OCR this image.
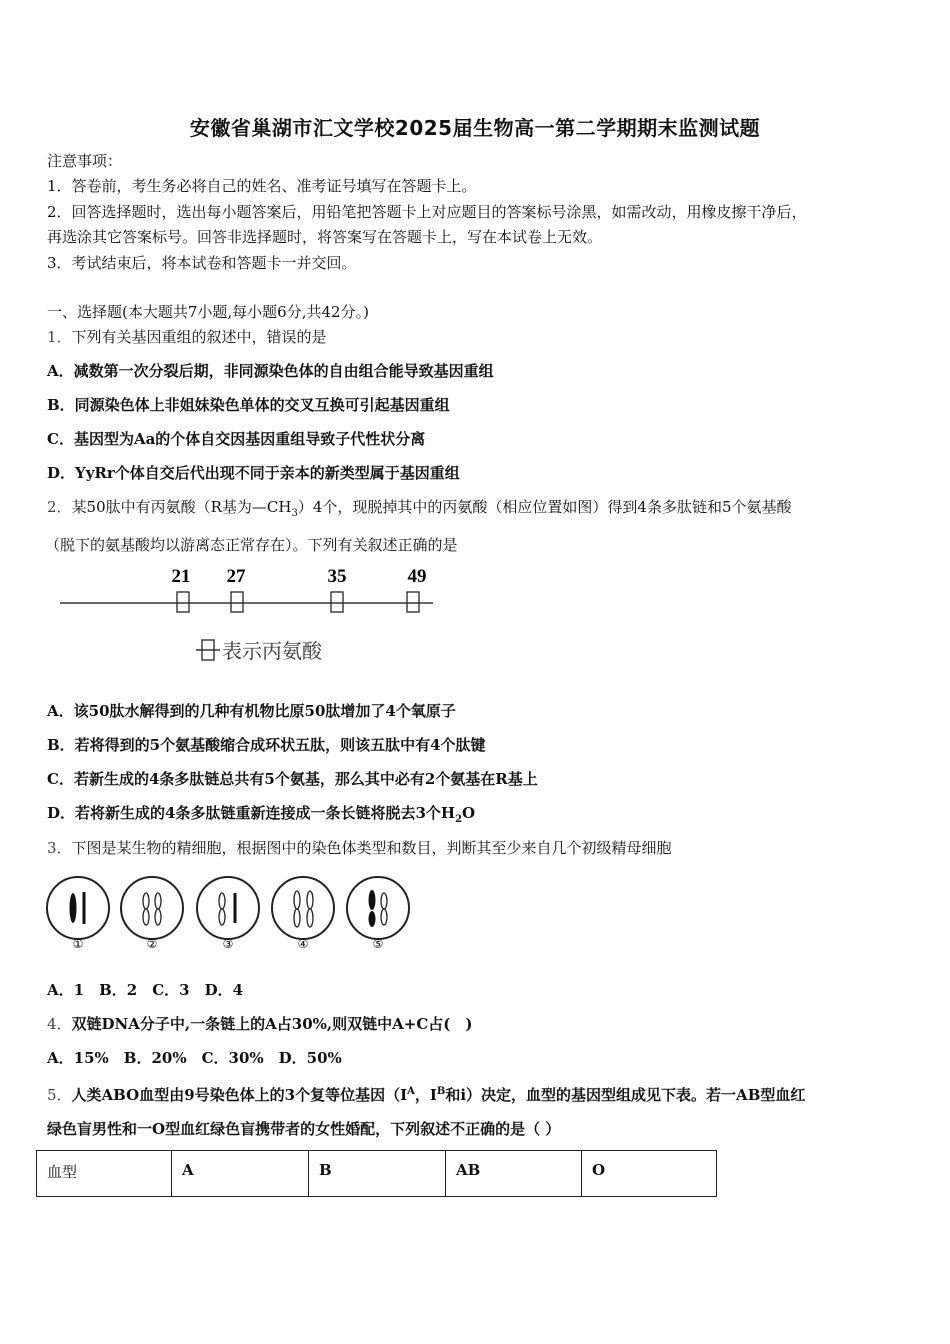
安徽省巢湖市汇文学校2025届生物高一第二学期期末监测试题
注意事项：
1．答卷前，考生务必将自己的姓名、准考证号填写在答题卡上。
2．回答选择题时，选出每小题答案后，用铅笔把答题卡上对应题目的答案标号涂黑，如需改动，用橡皮擦干净后，
再选涂其它答案标号。回答非选择题时，将答案写在答题卡上，写在本试卷上无效。
3．考试结束后，将本试卷和答题卡一并交回。
一、选择题(本大题共7小题,每小题6分,共42分。)
1．下列有关基因重组的叙述中，错误的是
A．减数第一次分裂后期，非同源染色体的自由组合能导致基因重组
B．同源染色体上非姐妹染色单体的交叉互换可引起基因重组
C．基因型为Aa的个体自交因基因重组导致子代性状分离
D．YyRr个体自交后代出现不同于亲本的新类型属于基因重组
2．某50肽中有丙氨酸（R基为$—CH_3)4$个，现脱掉其中的丙氨酸（相应位置如图）得到4条多肽链和5个氨基酸
（脱下的氨基酸均以游离态正常存在）。下列有关叙述正确的是
21 27	35	49
表示丙氨酸
A．该50肽水解得到的几种有机物比原50肽增加了4个氧原子
B．若将得到的5个氨基酸缩合成环状五肽，则该五肽中有4个肽键
C．若新生成的4条多肽链总共有5个氨基，那么其中必有2个氨基在R基上
D．若将新生成的4条多肽链重新连接成一条长链将脱去3个$H_2O$
3．下图是某生物的精细胞，根据图中的染色体类型和数目，判断其至少来自几个初级精母细胞
①	②	③	④	⑤
A．1　B．2　C．3　D．4
4．双链DNA分子中,一条链上的A占30%,则双链中A+C占(　)
A．15%　B．20%　C．30%　D．50%
5．人类ABO血型由9号染色体上的3个复等位基因（$I^A$，$I^B$和i）决定，血型的基因型组成见下表。若一AB型血红
绿色盲男性和一O型血红绿色盲携带者的女性婚配，下列叙述不正确的是（ ）
血型	A	B	AB	O
